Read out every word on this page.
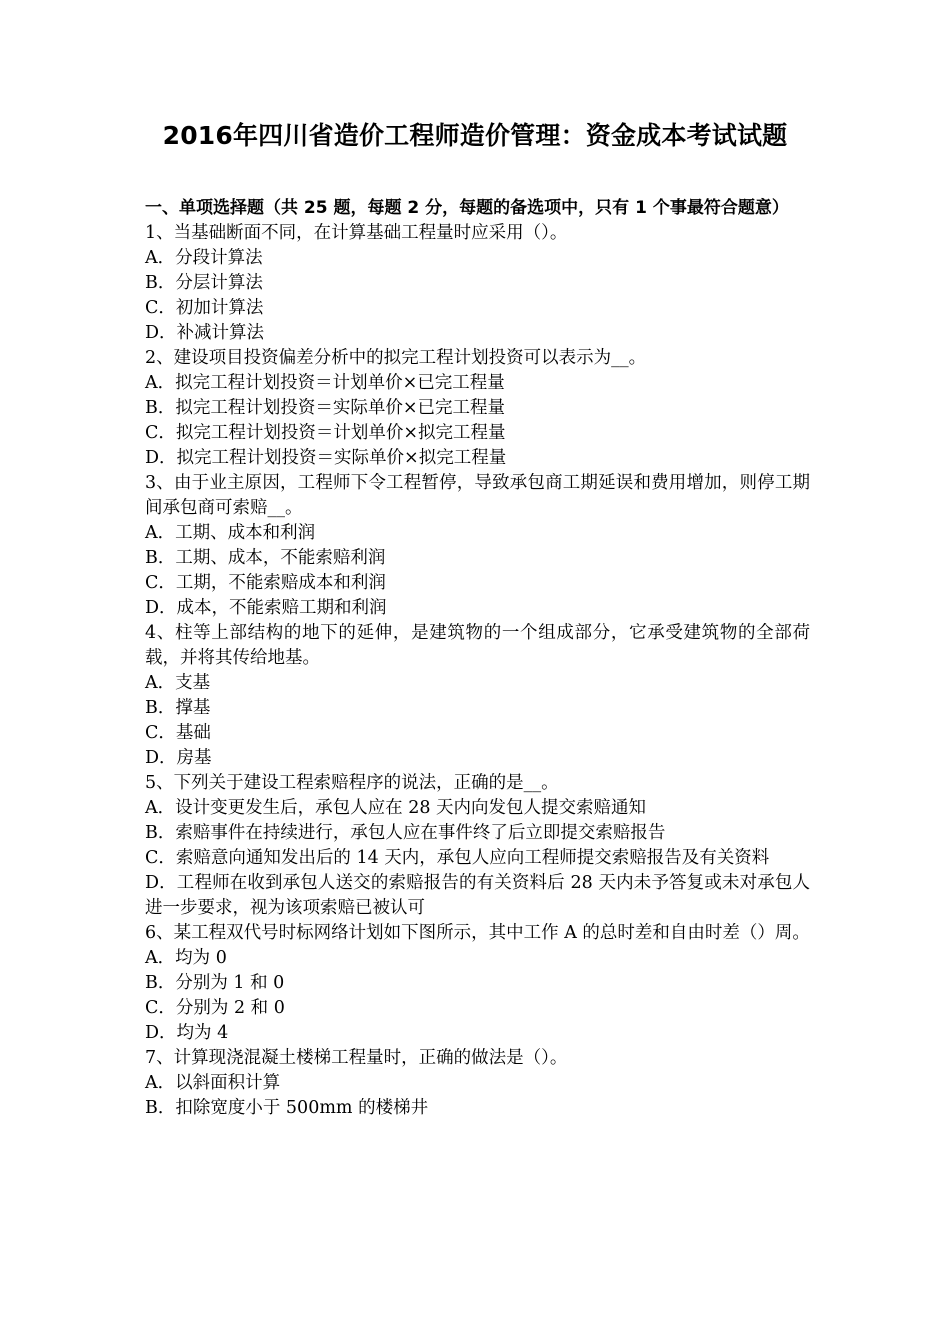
2016年四川省造价工程师造价管理：资金成本考试试题

一、单项选择题（共 25 题，每题 2 分，每题的备选项中，只有 1 个事最符合题意）

1、当基础断面不同，在计算基础工程量时应采用（）。

A．分段计算法

B．分层计算法

C．初加计算法

D．补减计算法

2、建设项目投资偏差分析中的拟完工程计划投资可以表示为__。

A．拟完工程计划投资＝计划单价×已完工程量

B．拟完工程计划投资＝实际单价×已完工程量

C．拟完工程计划投资＝计划单价×拟完工程量

D．拟完工程计划投资＝实际单价×拟完工程量

3、由于业主原因，工程师下令工程暂停，导致承包商工期延误和费用增加，则停工期间承包商可索赔__。

A．工期、成本和利润

B．工期、成本，不能索赔利润

C．工期，不能索赔成本和利润

D．成本，不能索赔工期和利润

4、柱等上部结构的地下的延伸，是建筑物的一个组成部分，它承受建筑物的全部荷载，并将其传给地基。

A．支基

B．撑基

C．基础

D．房基

5、下列关于建设工程索赔程序的说法，正确的是__。

A．设计变更发生后，承包人应在 28 天内向发包人提交索赔通知

B．索赔事件在持续进行，承包人应在事件终了后立即提交索赔报告

C．索赔意向通知发出后的 14 天内，承包人应向工程师提交索赔报告及有关资料

D．工程师在收到承包人送交的索赔报告的有关资料后 28 天内未予答复或未对承包人进一步要求，视为该项索赔已被认可

6、某工程双代号时标网络计划如下图所示，其中工作 A 的总时差和自由时差（）周。

A．均为 0

B．分别为 1 和 0

C．分别为 2 和 0

D．均为 4

7、计算现浇混凝土楼梯工程量时，正确的做法是（）。

A．以斜面积计算

B．扣除宽度小于 500mm 的楼梯井
